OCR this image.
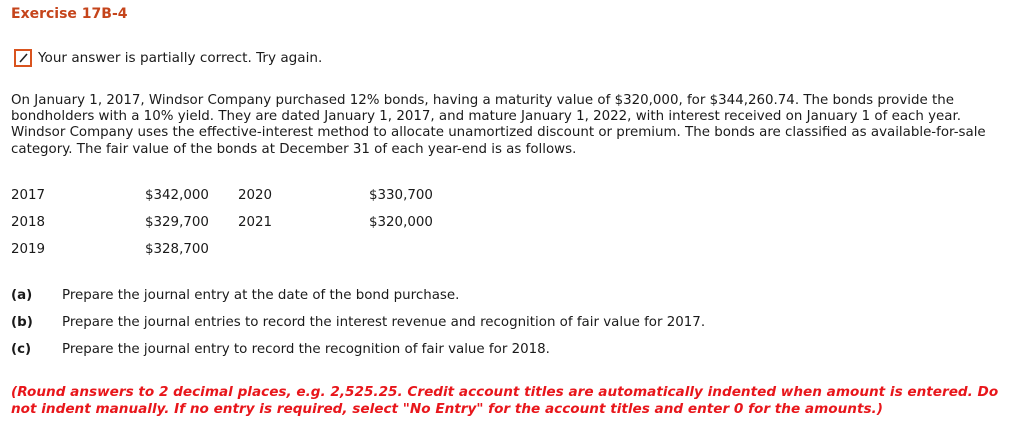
Exercise 17B-4
Your answer is partially correct. Try again.
On January 1, 2017, Windsor Company purchased 12% bonds, having a maturity value of $320,000, for $344,260.74. The bonds provide the bondholders with a 10% yield. They are dated January 1, 2017, and mature January 1, 2022, with interest received on January 1 of each year. Windsor Company uses the effective-interest method to allocate unamortized discount or premium. The bonds are classified as available-for-sale category. The fair value of the bonds at December 31 of each year-end is as follows.
2017	$342,000 2020	$330,700
2018	$329,700 2021	$320,000
2019	$328,700
(a) Prepare the journal entry at the date of the bond purchase.
(b) Prepare the journal entries to record the interest revenue and recognition of fair value for 2017.
(c) Prepare the journal entry to record the recognition of fair value for 2018.
(Round answers to 2 decimal places, e.g. 2,525.25. Credit account titles are automatically indented when amount is entered. Do not indent manually. If no entry is required, select "No Entry" for the account titles and enter 0 for the amounts.)
